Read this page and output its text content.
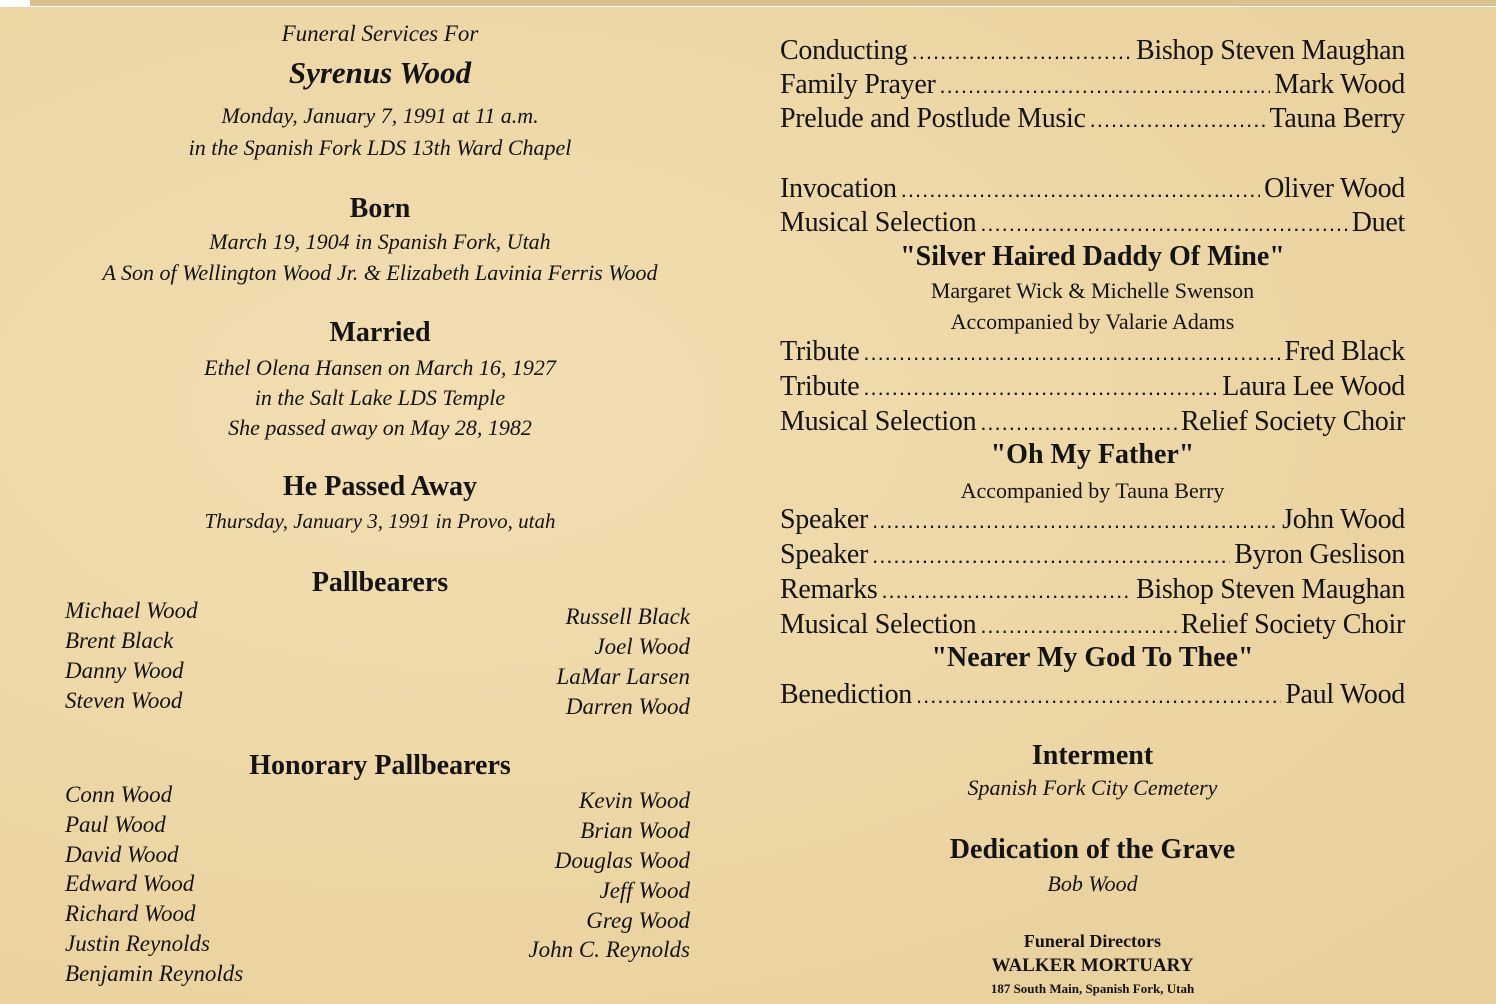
Funeral Services For
Syrenus Wood
Monday, January 7, 1991 at 11 a.m.
in the Spanish Fork LDS 13th Ward Chapel
Born
March 19, 1904 in Spanish Fork, Utah
A Son of Wellington Wood Jr. & Elizabeth Lavinia Ferris Wood
Married
Ethel Olena Hansen on March 16, 1927
in the Salt Lake LDS Temple
She passed away on May 28, 1982
He Passed Away
Thursday, January 3, 1991 in Provo, utah
Pallbearers
Michael Wood
Brent Black
Danny Wood
Steven Wood
Russell Black
Joel Wood
LaMar Larsen
Darren Wood
Honorary Pallbearers
Conn Wood
Paul Wood
David Wood
Edward Wood
Richard Wood
Justin Reynolds
Benjamin Reynolds
Kevin Wood
Brian Wood
Douglas Wood
Jeff Wood
Greg Wood
John C. Reynolds
Conducting .....	Bishop Steven Maughan
Family Prayer .....	Mark Wood
Prelude and Postlude Music .....	Tauna Berry
Invocation .....	Oliver Wood
Musical Selection .....	Duet
"Silver Haired Daddy Of Mine"
Margaret Wick & Michelle Swenson
Accompanied by Valarie Adams
Tribute .....	Fred Black
Tribute .....	Laura Lee Wood
Musical Selection .....	Relief Society Choir
"Oh My Father"
Accompanied by Tauna Berry
Speaker .....	John Wood
Speaker .....	Byron Geslison
Remarks .....	Bishop Steven Maughan
Musical Selection .....	Relief Society Choir
"Nearer My God To Thee"
Benediction .....	Paul Wood
Interment
Spanish Fork City Cemetery
Dedication of the Grave
Bob Wood
Funeral Directors
WALKER MORTUARY
187 South Main, Spanish Fork, Utah
